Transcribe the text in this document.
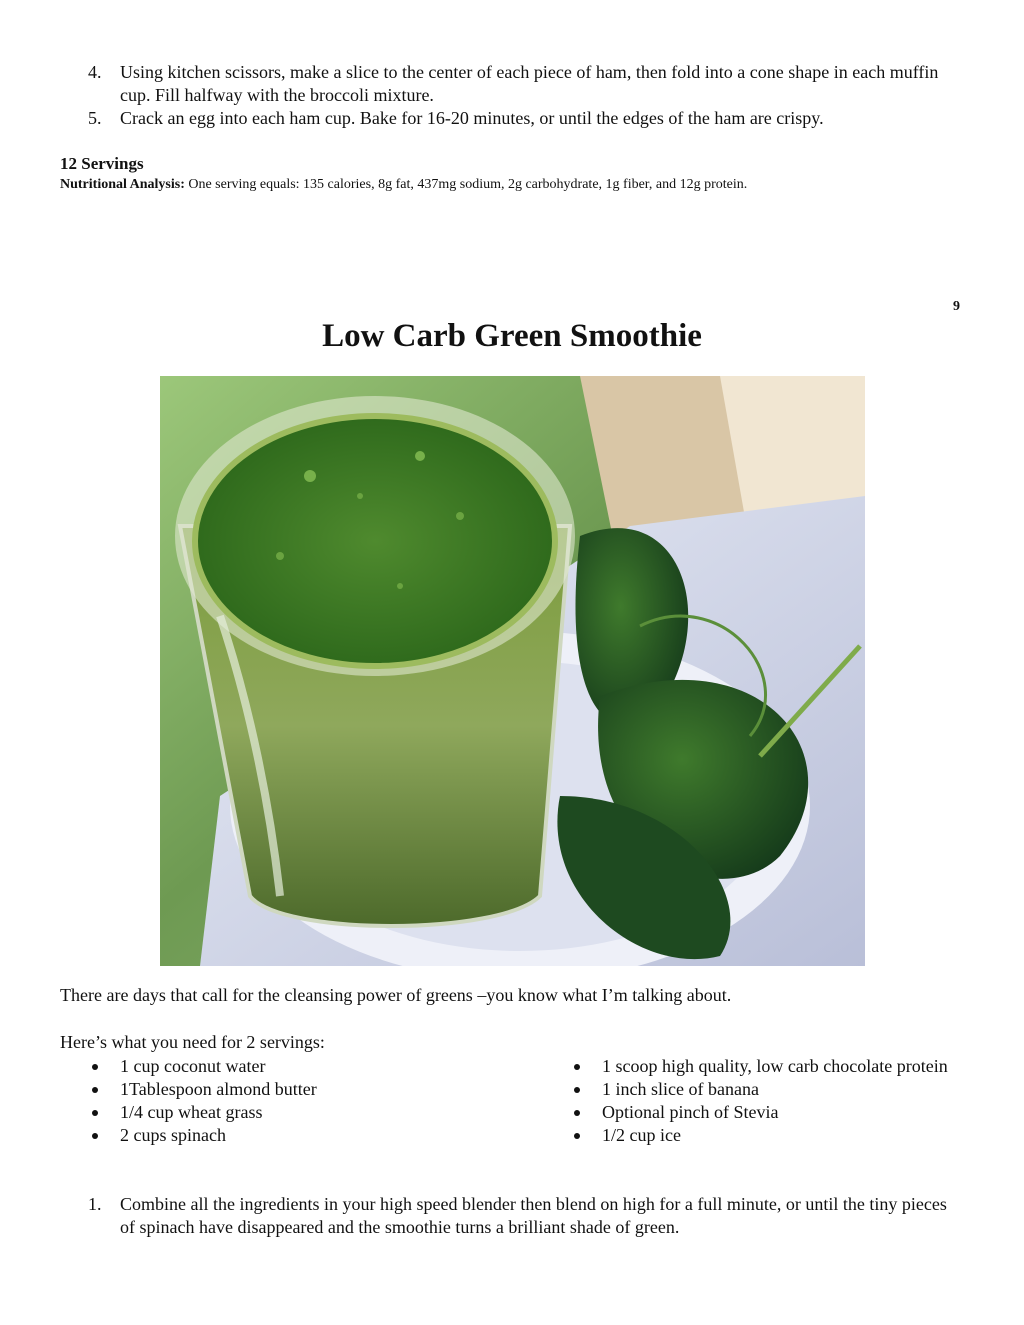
4. Using kitchen scissors, make a slice to the center of each piece of ham, then fold into a cone shape in each muffin cup. Fill halfway with the broccoli mixture.
5. Crack an egg into each ham cup. Bake for 16-20 minutes, or until the edges of the ham are crispy.
12 Servings
Nutritional Analysis: One serving equals: 135 calories, 8g fat, 437mg sodium, 2g carbohydrate, 1g fiber, and 12g protein.
9
Low Carb Green Smoothie
There are days that call for the cleansing power of greens –you know what I’m talking about.
Here’s what you need for 2 servings:
1 cup coconut water
1Tablespoon almond butter
1/4 cup wheat grass
2 cups spinach
1 scoop high quality, low carb chocolate protein
1 inch slice of banana
Optional pinch of Stevia
1/2 cup ice
1. Combine all the ingredients in your high speed blender then blend on high for a full minute, or until the tiny pieces of spinach have disappeared and the smoothie turns a brilliant shade of green.
